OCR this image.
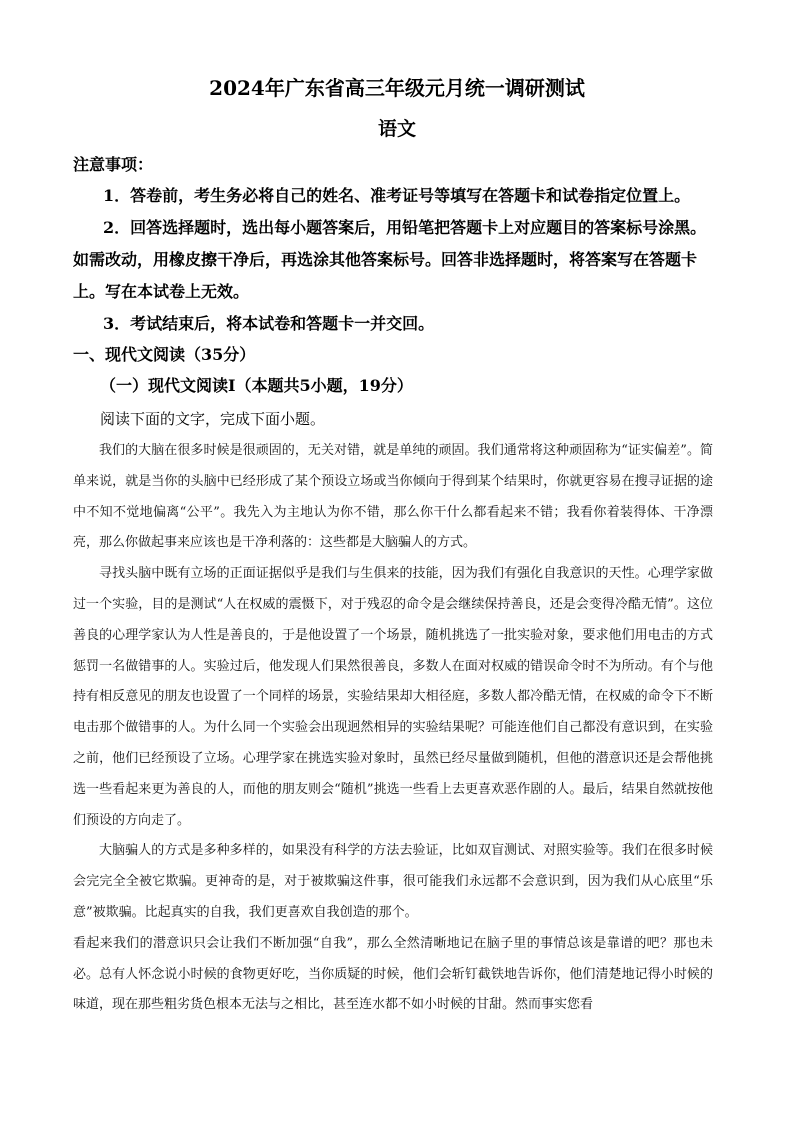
2024年广东省高三年级元月统一调研测试
语文
注意事项：
1．答卷前，考生务必将自己的姓名、准考证号等填写在答题卡和试卷指定位置上。
2．回答选择题时，选出每小题答案后，用铅笔把答题卡上对应题目的答案标号涂黑。
如需改动，用橡皮擦干净后，再选涂其他答案标号。回答非选择题时，将答案写在答题卡
上。写在本试卷上无效。
3．考试结束后，将本试卷和答题卡一并交回。
一、现代文阅读（35分）
（一）现代文阅读Ⅰ（本题共5小题，19分）
阅读下面的文字，完成下面小题。

我们的大脑在很多时候是很顽固的，无关对错，就是单纯的顽固。我们通常将这种顽固称为“证实偏差”。简单来说，就是当你的头脑中已经形成了某个预设立场或当你倾向于得到某个结果时，你就更容易在搜寻证据的途中不知不觉地偏离“公平”。我先入为主地认为你不错，那么你干什么都看起来不错；我看你着装得体、干净漂亮，那么你做起事来应该也是干净利落的：这些都是大脑骗人的方式。

寻找头脑中既有立场的正面证据似乎是我们与生俱来的技能，因为我们有强化自我意识的天性。心理学家做过一个实验，目的是测试“人在权威的震慑下，对于残忍的命令是会继续保持善良，还是会变得冷酷无情”。这位善良的心理学家认为人性是善良的，于是他设置了一个场景，随机挑选了一批实验对象，要求他们用电击的方式惩罚一名做错事的人。实验过后，他发现人们果然很善良，多数人在面对权威的错误命令时不为所动。有个与他持有相反意见的朋友也设置了一个同样的场景，实验结果却大相径庭，多数人都冷酷无情，在权威的命令下不断电击那个做错事的人。为什么同一个实验会出现迥然相异的实验结果呢？可能连他们自己都没有意识到，在实验之前，他们已经预设了立场。心理学家在挑选实验对象时，虽然已经尽量做到随机，但他的潜意识还是会帮他挑选一些看起来更为善良的人，而他的朋友则会“随机”挑选一些看上去更喜欢恶作剧的人。最后，结果自然就按他们预设的方向走了。

大脑骗人的方式是多种多样的，如果没有科学的方法去验证，比如双盲测试、对照实验等。我们在很多时候会完完全全被它欺骗。更神奇的是，对于被欺骗这件事，很可能我们永远都不会意识到，因为我们从心底里“乐意”被欺骗。比起真实的自我，我们更喜欢自我创造的那个。

看起来我们的潜意识只会让我们不断加强“自我”，那么全然清晰地记在脑子里的事情总该是靠谱的吧？那也未必。总有人怀念说小时候的食物更好吃，当你质疑的时候，他们会斩钉截铁地告诉你，他们清楚地记得小时候的味道，现在那些粗劣货色根本无法与之相比，甚至连水都不如小时候的甘甜。然而事实您看
